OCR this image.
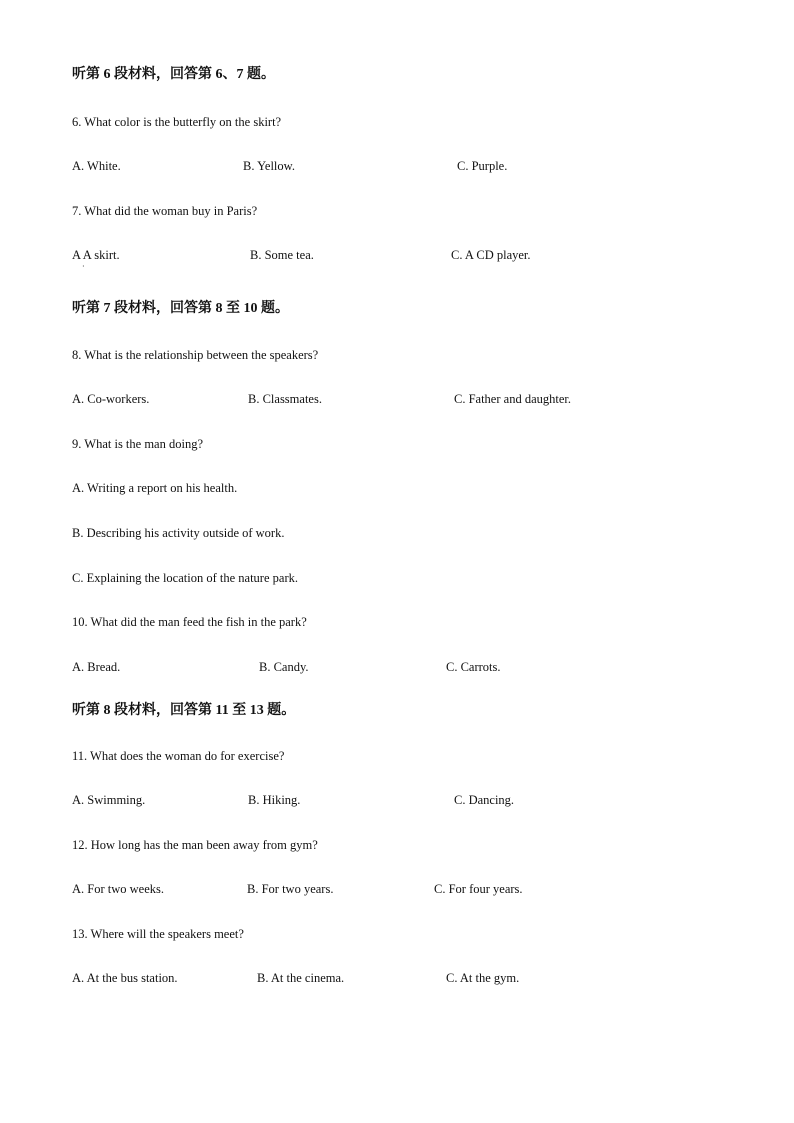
听第 6 段材料，回答第 6、7 题。
6. What color is the butterfly on the skirt?
A. White.	B. Yellow.	C. Purple.
7. What did the woman buy in Paris?
A A skirt.
·
B. Some tea.	C. A CD player.
听第 7 段材料，回答第 8 至 10 题。
8. What is the relationship between the speakers?
A. Co-workers.	B. Classmates.	C. Father and daughter.
9. What is the man doing?
A. Writing a report on his health.
B. Describing his activity outside of work.
C. Explaining the location of the nature park.
10. What did the man feed the fish in the park?
A. Bread.	B. Candy.	C. Carrots.
听第 8 段材料，回答第 11 至 13 题。
11. What does the woman do for exercise?
A. Swimming.	B. Hiking.	C. Dancing.
12. How long has the man been away from gym?
A. For two weeks.	B. For two years.	C. For four years.
13. Where will the speakers meet?
A. At the bus station.	B. At the cinema.	C. At the gym.
